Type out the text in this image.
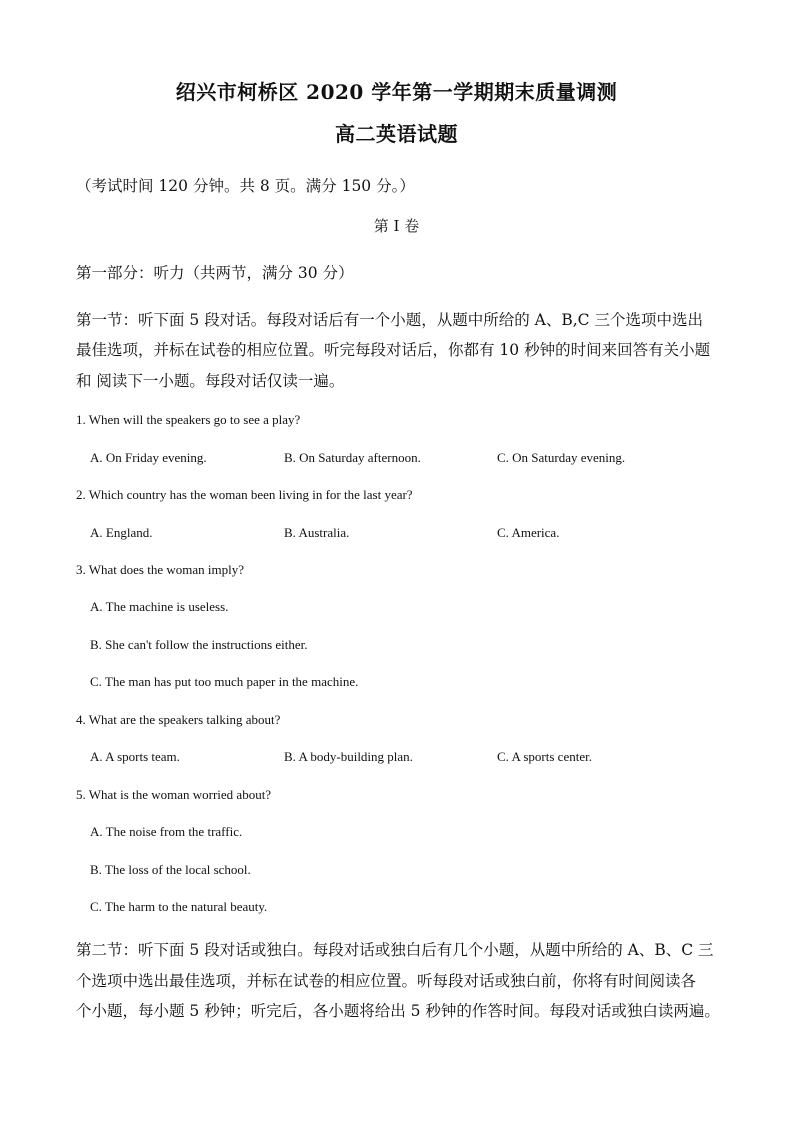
绍兴市柯桥区 2020 学年第一学期期末质量调测
高二英语试题
（考试时间 120 分钟。共 8 页。满分 150 分。）
第 I 卷
第一部分：听力（共两节，满分 30 分）
第一节：听下面 5 段对话。每段对话后有一个小题，从题中所给的 A、B,C 三个选项中选出
最佳选项，并标在试卷的相应位置。听完每段对话后，你都有 10 秒钟的时间来回答有关小题
和 阅读下一小题。每段对话仅读一遍。
1. When will the speakers go to see a play?
A. On Friday evening.	B. On Saturday afternoon.	C. On Saturday evening.
2. Which country has the woman been living in for the last year?
A. England.	B. Australia.	C. America.
3. What does the woman imply?
A. The machine is useless.
B. She can't follow the instructions either.
C. The man has put too much paper in the machine.
4. What are the speakers talking about?
A. A sports team.	B. A body-building plan.	C. A sports center.
5. What is the woman worried about?
A. The noise from the traffic.
B. The loss of the local school.
C. The harm to the natural beauty.
第二节：听下面 5 段对话或独白。每段对话或独白后有几个小题，从题中所给的 A、B、C 三
个选项中选出最佳选项，并标在试卷的相应位置。听每段对话或独白前，你将有时间阅读各
个小题，每小题 5 秒钟；听完后，各小题将给出 5 秒钟的作答时间。每段对话或独白读两遍。
